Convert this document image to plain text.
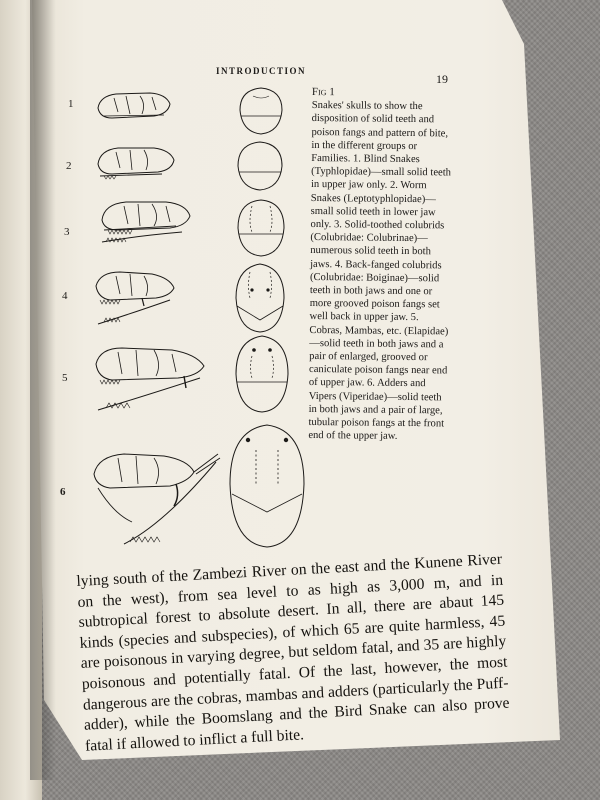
INTRODUCTION
19
1
2
3
4
5
6
Fig 1
Snakes' skulls to show the disposition of solid teeth and poison fangs and pattern of bite, in the different groups or Families. 1. Blind Snakes (Typhlopidae)—small solid teeth in upper jaw only. 2. Worm Snakes (Leptotyphlopidae)—small solid teeth in lower jaw only. 3. Solid-toothed colubrids (Colubridae: Colubrinae)—numerous solid teeth in both jaws. 4. Back-fanged colubrids (Colubridae: Boiginae)—solid teeth in both jaws and one or more grooved poison fangs set well back in upper jaw. 5. Cobras, Mambas, etc. (Elapidae)—solid teeth in both jaws and a pair of enlarged, grooved or caniculate poison fangs near end of upper jaw. 6. Adders and Vipers (Viperidae)—solid teeth in both jaws and a pair of large, tubular poison fangs at the front end of the upper jaw.

lying south of the Zambezi River on the east and the Kunene River on the west), from sea level to as high as 3,000 m, and in subtropical forest to absolute desert. In all, there are abaut 145 kinds (species and subspecies), of which 65 are quite harmless, 45 are poisonous in varying degree, but seldom fatal, and 35 are highly poisonous and potentially fatal. Of the last, however, the most dangerous are the cobras, mambas and adders (particularly the Puff-adder), while the Boomslang and the Bird Snake can also prove fatal if allowed to inflict a full bite.
